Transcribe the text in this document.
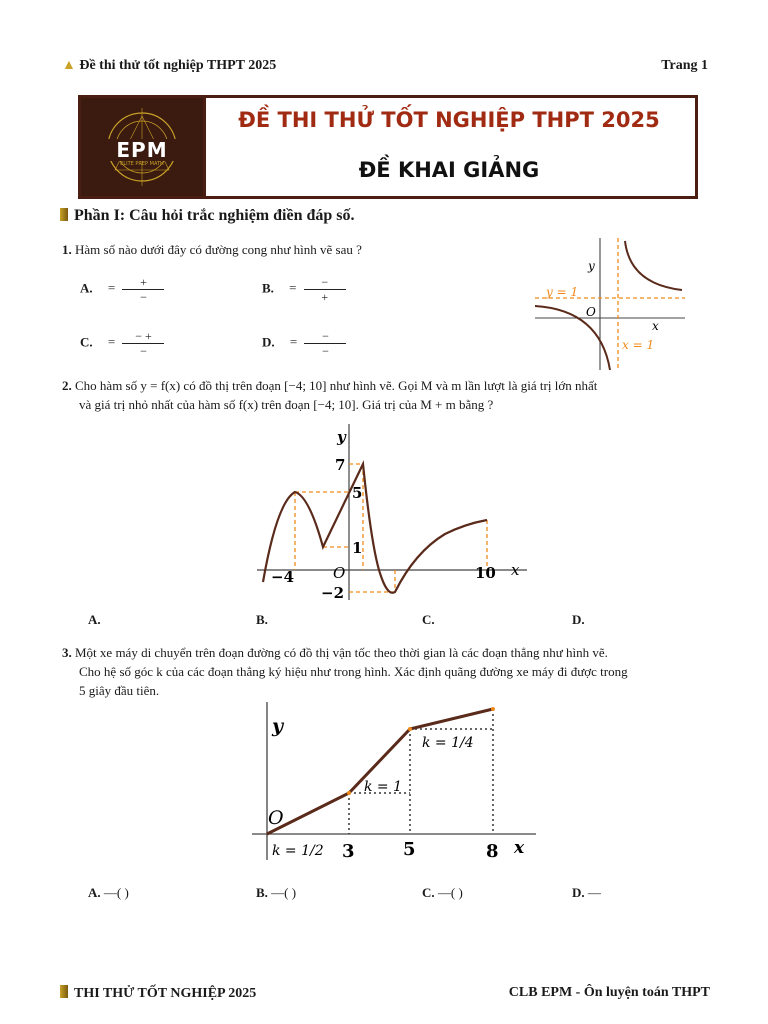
▲ Đề thi thử tốt nghiệp THPT 2025	Trang 1
EPM
ELITE PREP MATH
ĐỀ THI THỬ TỐT NGHIỆP THPT 2025
ĐỀ KHAI GIẢNG
Phần I: Câu hỏi trắc nghiệm điền đáp số.
1. Hàm số nào dưới đây có đường cong như hình vẽ sau ?
A. = $\frac{+}{-}$	B. = $\frac{-}{+}$
C. = $\frac{- +}{-}$	D. = $\frac{-}{-}$
y
x
O
y = 1
x = 1
2. Cho hàm số y = f(x) có đồ thị trên đoạn [−4; 10] như hình vẽ. Gọi M và m lần lượt là giá trị lớn nhất
và giá trị nhỏ nhất của hàm số f(x) trên đoạn [−4; 10]. Giá trị của M + m bằng ?
y
x
O
7
5
1
−4	10
−2
A.	B.	C.	D.
3. Một xe máy di chuyển trên đoạn đường có đồ thị vận tốc theo thời gian là các đoạn thẳng như hình vẽ.
Cho hệ số góc k của các đoạn thẳng ký hiệu như trong hình. Xác định quãng đường xe máy đi được trong
5 giây đầu tiên.
y
x
O
k = 1/2
k = 1
k = 1/4
3	5	8
A. —( )	B. —( )	C. —( )	D. —
THI THỬ TỐT NGHIỆP 2025	CLB EPM - Ôn luyện toán THPT
